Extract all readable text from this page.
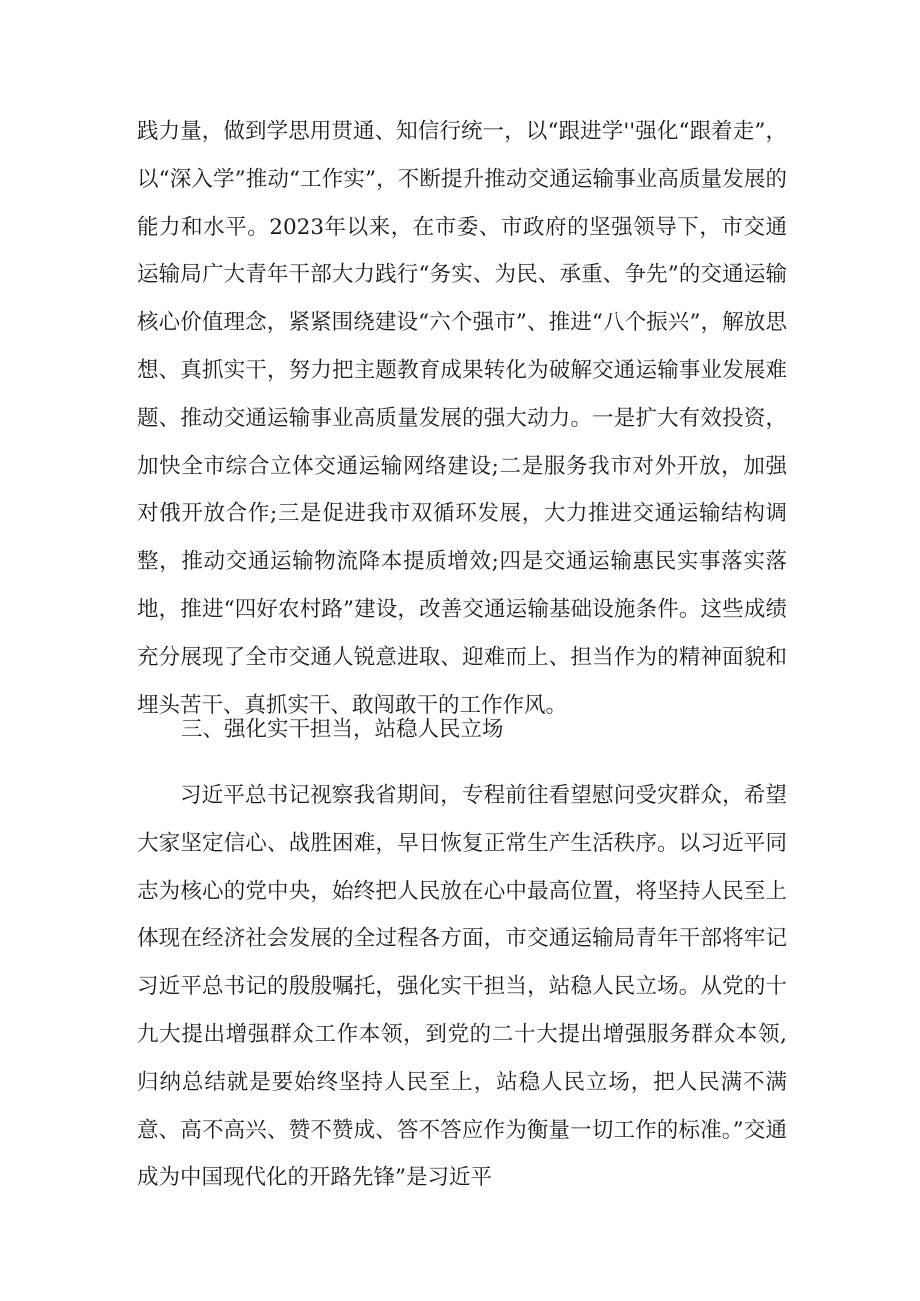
践力量，做到学思用贯通、知信行统一，以“跟进学''强化“跟着走”，以“深入学”推动“工作实”，不断提升推动交通运输事业高质量发展的能力和水平。2023年以来，在市委、市政府的坚强领导下，市交通运输局广大青年干部大力践行“务实、为民、承重、争先”的交通运输核心价值理念，紧紧围绕建设“六个强市”、推进“八个振兴”，解放思想、真抓实干，努力把主题教育成果转化为破解交通运输事业发展难题、推动交通运输事业高质量发展的强大动力。一是扩大有效投资，加快全市综合立体交通运输网络建设;二是服务我市对外开放，加强对俄开放合作;三是促进我市双循环发展，大力推进交通运输结构调整，推动交通运输物流降本提质增效;四是交通运输惠民实事落实落地，推进“四好农村路”建设，改善交通运输基础设施条件。这些成绩充分展现了全市交通人锐意进取、迎难而上、担当作为的精神面貌和埋头苦干、真抓实干、敢闯敢干的工作作风。

三、强化实干担当，站稳人民立场

习近平总书记视察我省期间，专程前往看望慰问受灾群众，希望大家坚定信心、战胜困难，早日恢复正常生产生活秩序。以习近平同志为核心的党中央，始终把人民放在心中最高位置，将坚持人民至上体现在经济社会发展的全过程各方面，市交通运输局青年干部将牢记习近平总书记的殷殷嘱托，强化实干担当，站稳人民立场。从党的十九大提出增强群众工作本领，到党的二十大提出增强服务群众本领,归纳总结就是要始终坚持人民至上，站稳人民立场，把人民满不满意、高不高兴、赞不赞成、答不答应作为衡量一切工作的标准。”交通成为中国现代化的开路先锋”是习近平
